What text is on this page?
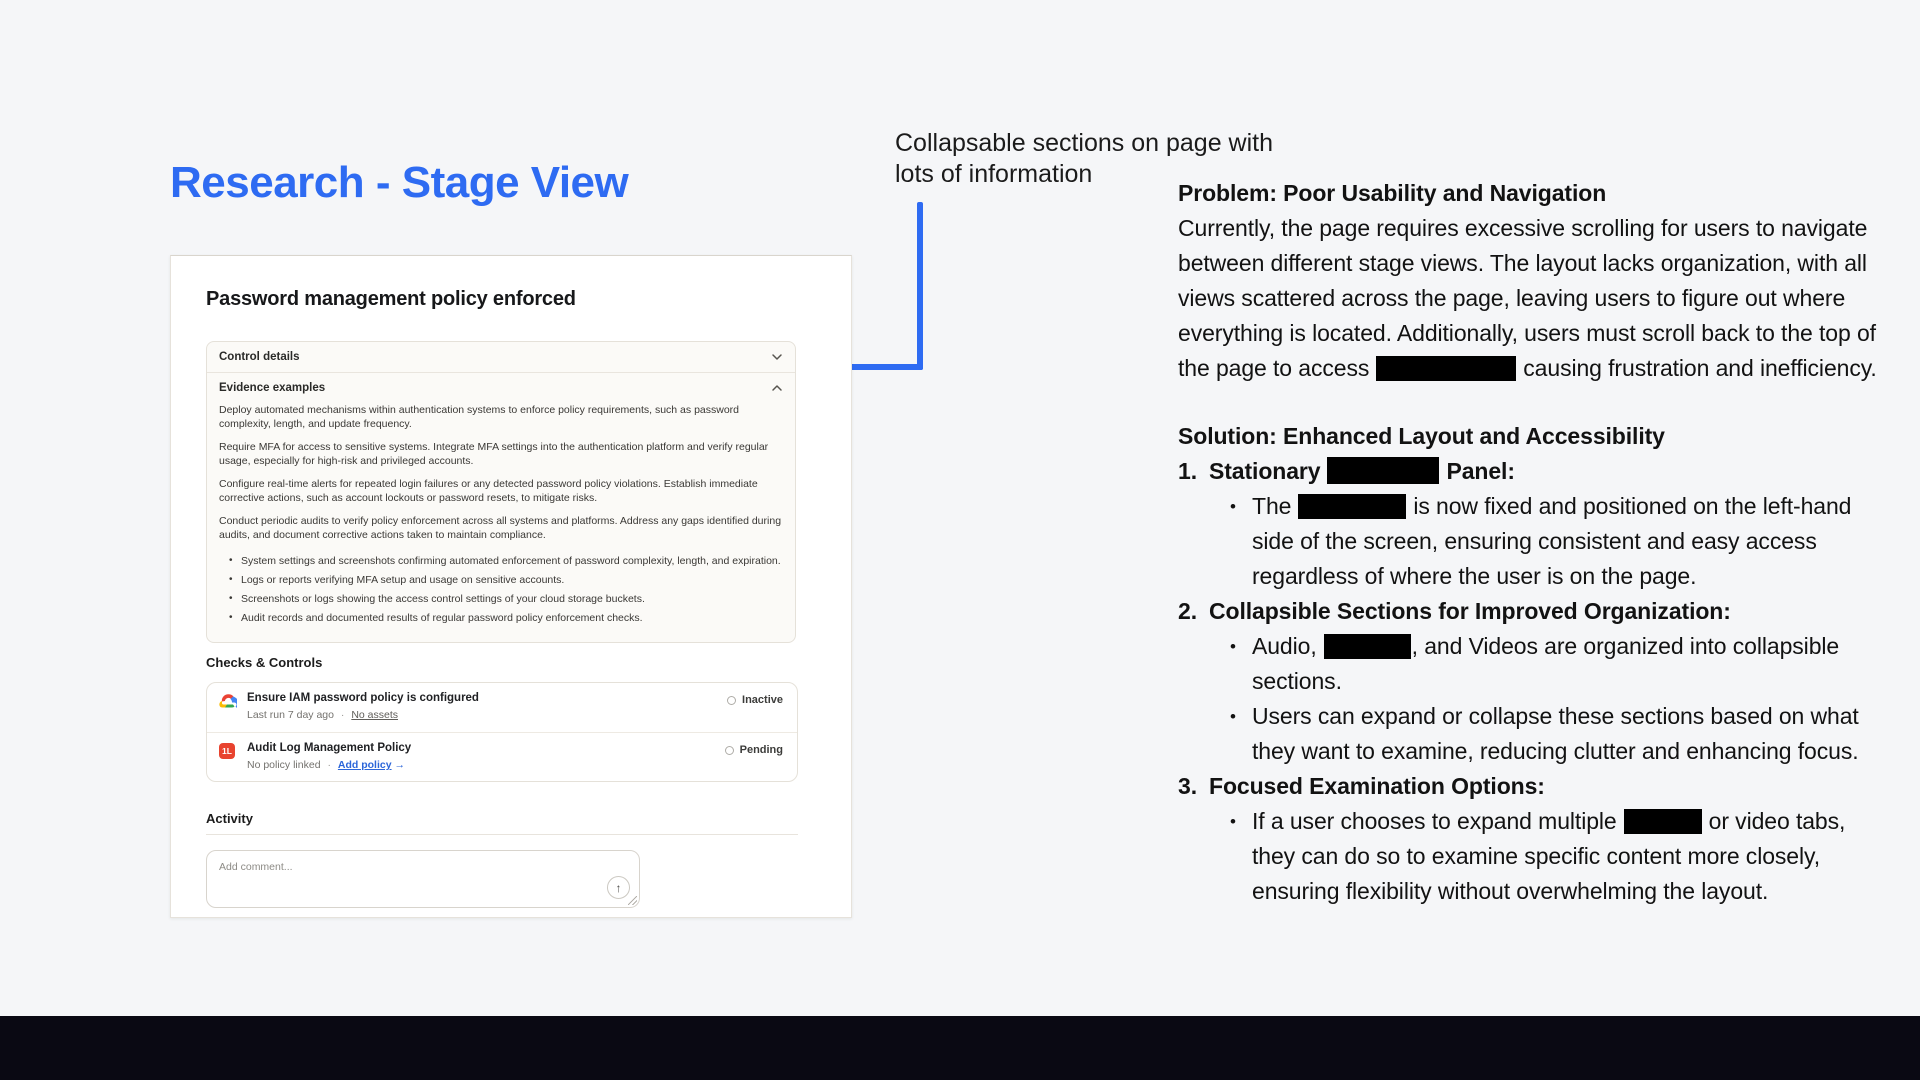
Research - Stage View
Collapsable sections on page with
lots of information
Password management policy enforced
Control details
Evidence examples

Deploy automated mechanisms within authentication systems to enforce policy requirements, such as password complexity, length, and update frequency.

Require MFA for access to sensitive systems. Integrate MFA settings into the authentication platform and verify regular usage, especially for high-risk and privileged accounts.

Configure real-time alerts for repeated login failures or any detected password policy violations. Establish immediate corrective actions, such as account lockouts or password resets, to mitigate risks.

Conduct periodic audits to verify policy enforcement across all systems and platforms. Address any gaps identified during audits, and document corrective actions taken to maintain compliance.

• System settings and screenshots confirming automated enforcement of password complexity, length, and expiration.
• Logs or reports verifying MFA setup and usage on sensitive accounts.
• Screenshots or logs showing the access control settings of your cloud storage buckets.
• Audit records and documented results of regular password policy enforcement checks.
Checks & Controls
Ensure IAM password policy is configured
Last run 7 day ago · No assets
Inactive
1L Audit Log Management Policy
No policy linked · Add policy →
Pending
Activity
Add comment...
↑
Problem: Poor Usability and Navigation
Currently, the page requires excessive scrolling for users to navigate between different stage views. The layout lacks organization, with all views scattered across the page, leaving users to figure out where everything is located. Additionally, users must scroll back to the top of the page to access	causing frustration and inefficiency.
Solution: Enhanced Layout and Accessibility
1. Stationary	Panel:
• The	is now fixed and positioned on the left-hand side of the screen, ensuring consistent and easy access regardless of where the user is on the page.
2. Collapsible Sections for Improved Organization:
• Audio,	, and Videos are organized into collapsible sections.
• Users can expand or collapse these sections based on what they want to examine, reducing clutter and enhancing focus.
3. Focused Examination Options:
• If a user chooses to expand multiple	or video tabs, they can do so to examine specific content more closely, ensuring flexibility without overwhelming the layout.
